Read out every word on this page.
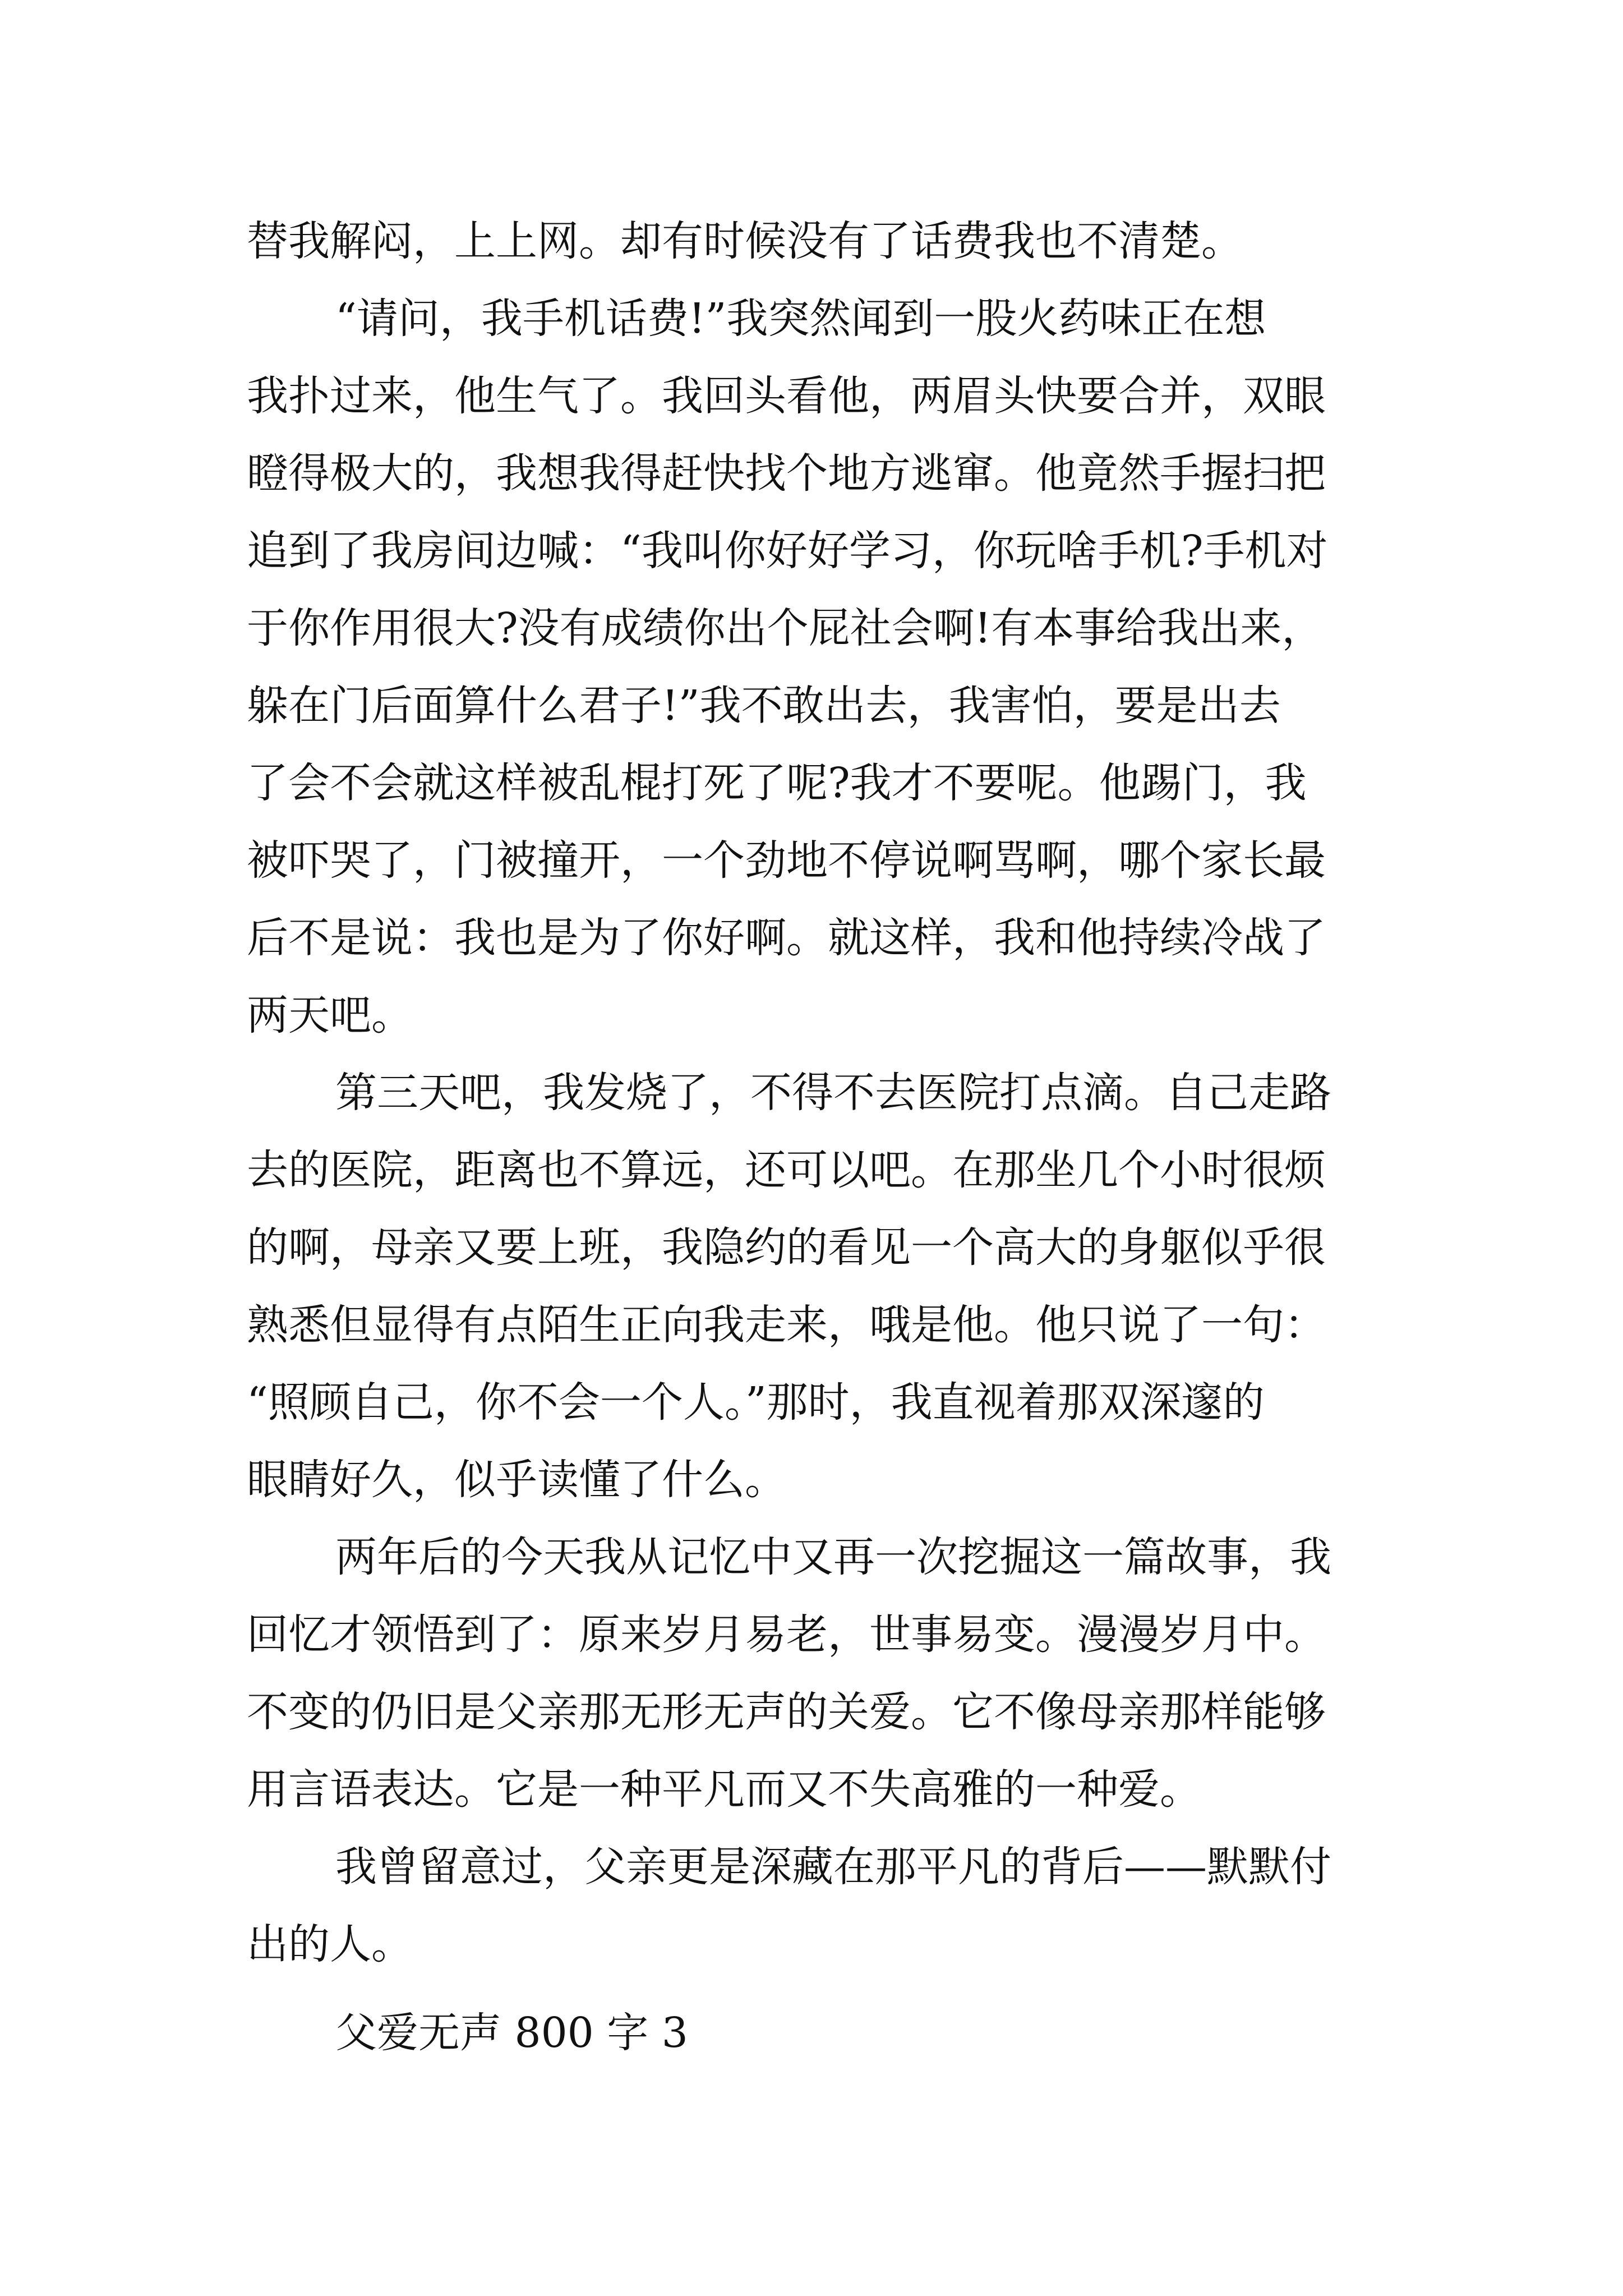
替我解闷，上上网。却有时候没有了话费我也不清楚。

“请问，我手机话费!”我突然闻到一股火药味正在想

我扑过来，他生气了。我回头看他，两眉头快要合并，双眼

瞪得极大的，我想我得赶快找个地方逃窜。他竟然手握扫把

追到了我房间边喊：“我叫你好好学习，你玩啥手机?手机对

于你作用很大?没有成绩你出个屁社会啊!有本事给我出来，

躲在门后面算什么君子!”我不敢出去，我害怕，要是出去

了会不会就这样被乱棍打死了呢?我才不要呢。他踢门，我

被吓哭了，门被撞开，一个劲地不停说啊骂啊，哪个家长最

后不是说：我也是为了你好啊。就这样，我和他持续冷战了

两天吧。

第三天吧，我发烧了，不得不去医院打点滴。自己走路

去的医院，距离也不算远，还可以吧。在那坐几个小时很烦

的啊，母亲又要上班，我隐约的看见一个高大的身躯似乎很

熟悉但显得有点陌生正向我走来，哦是他。他只说了一句：

“照顾自己，你不会一个人。”那时，我直视着那双深邃的

眼睛好久，似乎读懂了什么。

两年后的今天我从记忆中又再一次挖掘这一篇故事，我

回忆才领悟到了：原来岁月易老，世事易变。漫漫岁月中。

不变的仍旧是父亲那无形无声的关爱。它不像母亲那样能够

用言语表达。它是一种平凡而又不失高雅的一种爱。

我曾留意过，父亲更是深藏在那平凡的背后——默默付

出的人。

父爱无声 800 字 3
